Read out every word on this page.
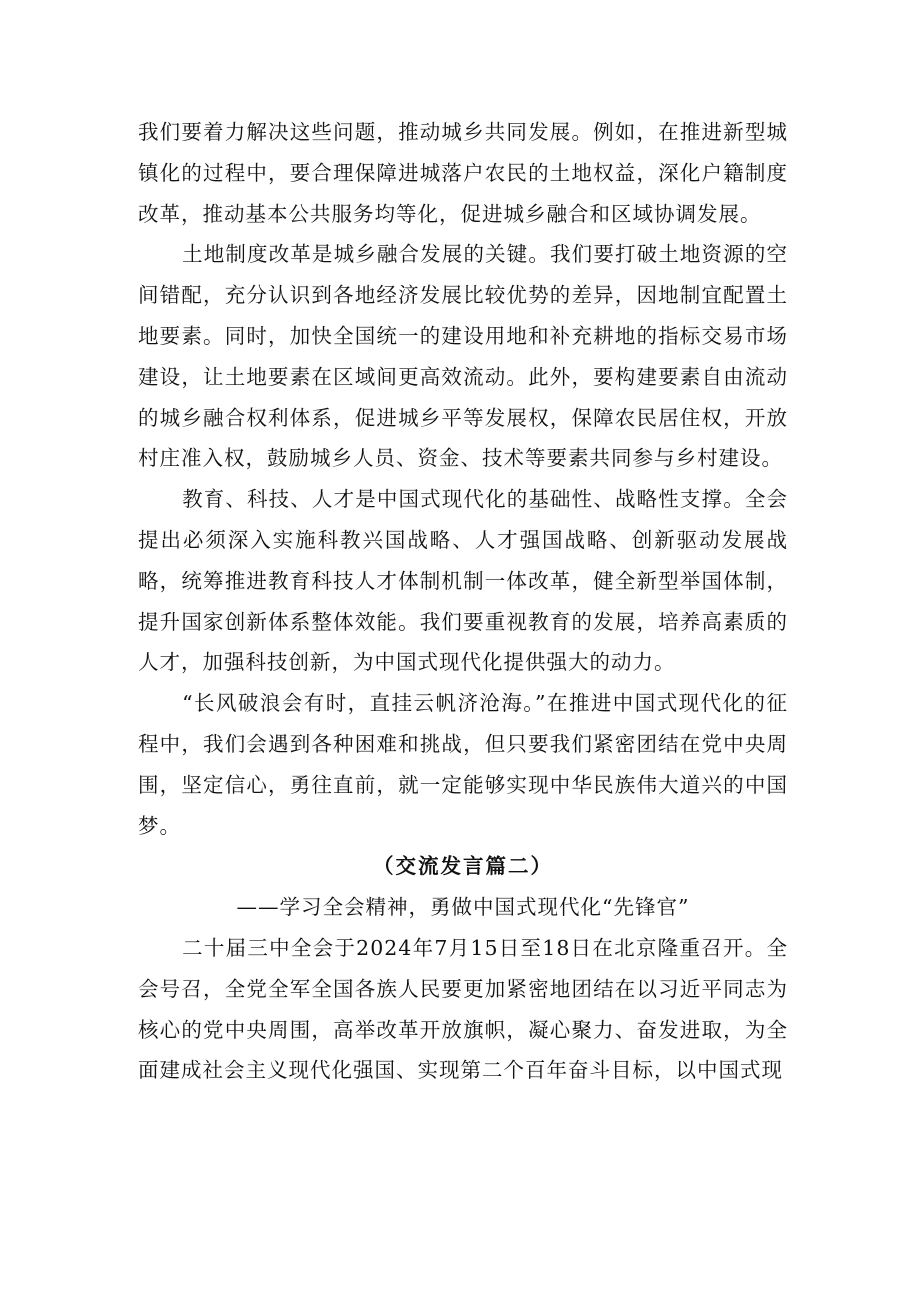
我们要着力解决这些问题，推动城乡共同发展。例如，在推进新型城镇化的过程中，要合理保障进城落户农民的土地权益，深化户籍制度改革，推动基本公共服务均等化，促进城乡融合和区域协调发展。

土地制度改革是城乡融合发展的关键。我们要打破土地资源的空间错配，充分认识到各地经济发展比较优势的差异，因地制宜配置土地要素。同时，加快全国统一的建设用地和补充耕地的指标交易市场建设，让土地要素在区域间更高效流动。此外，要构建要素自由流动的城乡融合权利体系，促进城乡平等发展权，保障农民居住权，开放村庄准入权，鼓励城乡人员、资金、技术等要素共同参与乡村建设。

教育、科技、人才是中国式现代化的基础性、战略性支撑。全会提出必须深入实施科教兴国战略、人才强国战略、创新驱动发展战略，统筹推进教育科技人才体制机制一体改革，健全新型举国体制，提升国家创新体系整体效能。我们要重视教育的发展，培养高素质的人才，加强科技创新，为中国式现代化提供强大的动力。

“长风破浪会有时，直挂云帆济沧海。”在推进中国式现代化的征程中，我们会遇到各种困难和挑战，但只要我们紧密团结在党中央周围，坚定信心，勇往直前，就一定能够实现中华民族伟大道兴的中国梦。

（交流发言篇二）

——学习全会精神，勇做中国式现代化“先锋官”

二十届三中全会于2024年7月15日至18日在北京隆重召开。全会号召，全党全军全国各族人民要更加紧密地团结在以习近平同志为核心的党中央周围，高举改革开放旗帜，凝心聚力、奋发进取，为全面建成社会主义现代化强国、实现第二个百年奋斗目标，以中国式现
